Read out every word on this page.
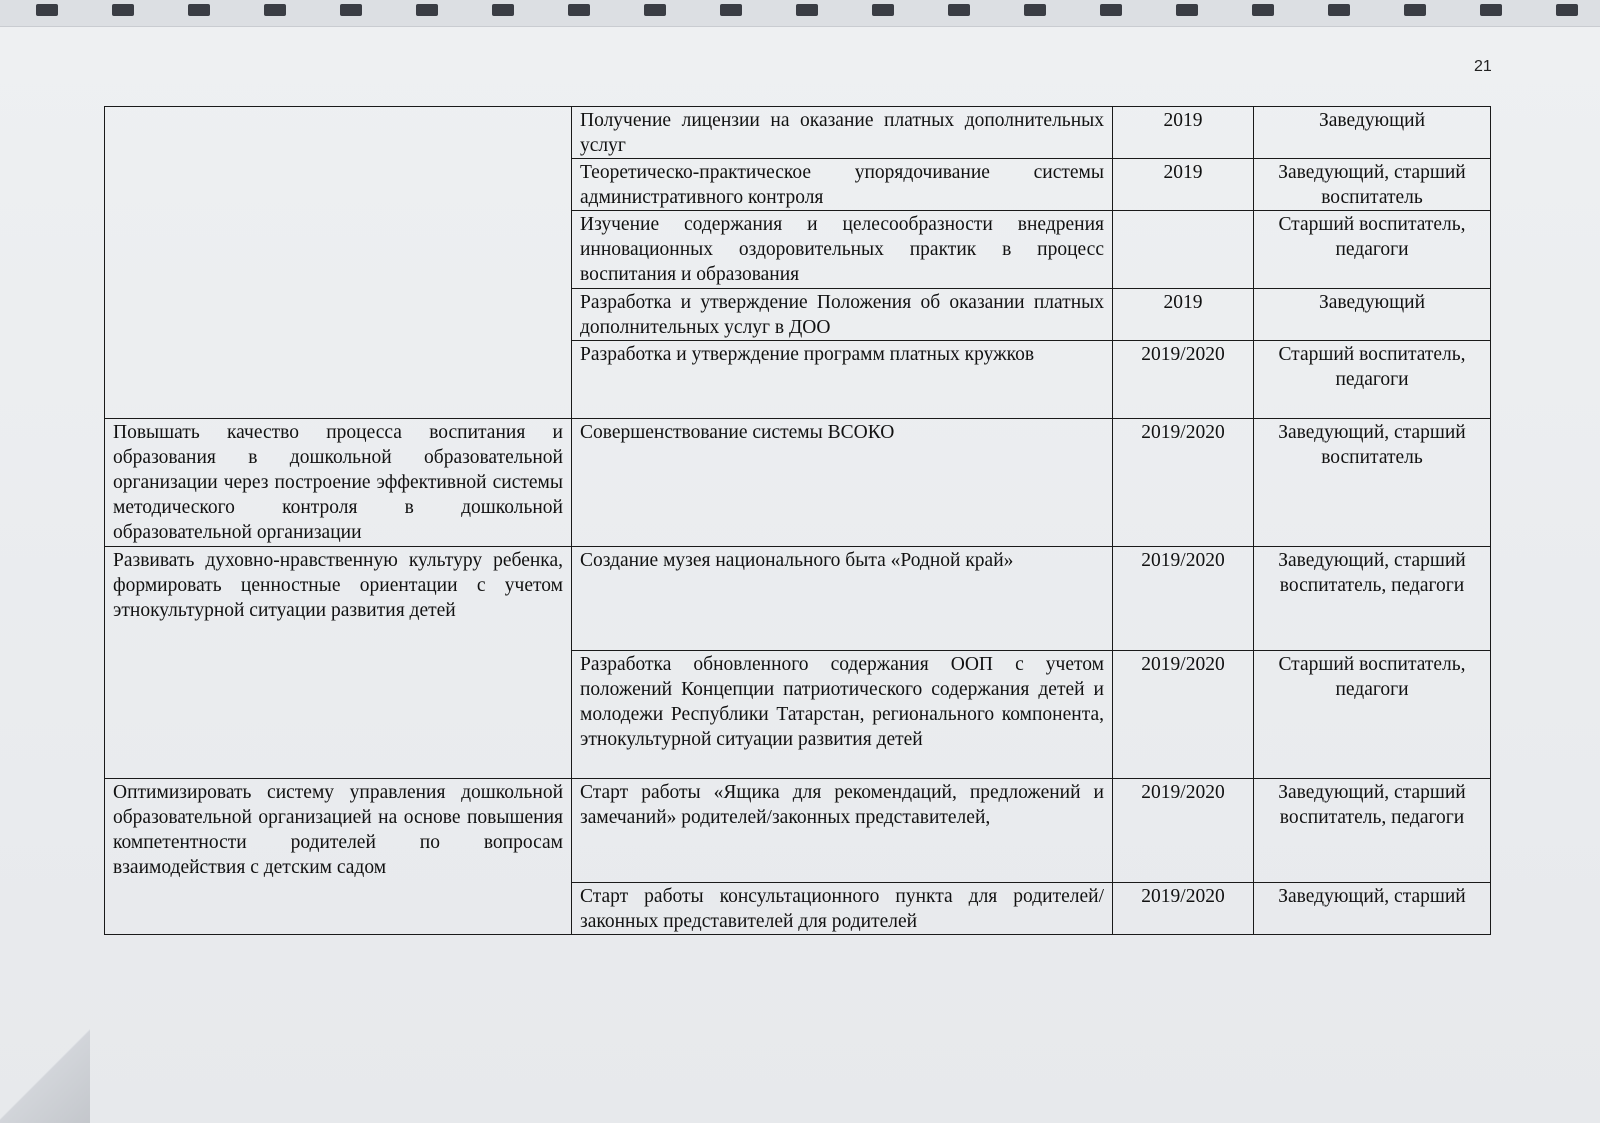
21
	Получение лицензии на оказание платных дополнительных услуг	2019	Заведующий
	Теоретическо-практическое упорядочивание системы административного контроля	2019	Заведующий, старший воспитатель
	Изучение содержания и целесообразности внедрения инновационных оздоровительных практик в процесс воспитания и образования		Старший воспитатель, педагоги
	Разработка и утверждение Положения об оказании платных дополнительных услуг в ДОО	2019	Заведующий
	Разработка и утверждение программ платных кружков	2019/2020	Старший воспитатель, педагоги
Повышать качество процесса воспитания и образования в дошкольной образовательной организации через построение эффективной системы методического контроля в дошкольной образовательной организации	Совершенствование системы ВСОКО	2019/2020	Заведующий, старший воспитатель
Развивать духовно-нравственную культуру ребенка, формировать ценностные ориентации с учетом этнокультурной ситуации развития детей	Создание музея национального быта «Родной край»	2019/2020	Заведующий, старший воспитатель, педагоги
	Разработка обновленного содержания ООП с учетом положений Концепции патриотического содержания детей и молодежи Республики Татарстан, регионального компонента, этнокультурной ситуации развития детей	2019/2020	Старший воспитатель, педагоги
Оптимизировать систему управления дошкольной образовательной организацией на основе повышения компетентности родителей по вопросам взаимодействия с детским садом	Старт работы «Ящика для рекомендаций, предложений и замечаний» родителей/законных представителей,	2019/2020	Заведующий, старший воспитатель, педагоги
	Старт работы консультационного пункта для родителей/законных представителей для родителей	2019/2020	Заведующий, старший
